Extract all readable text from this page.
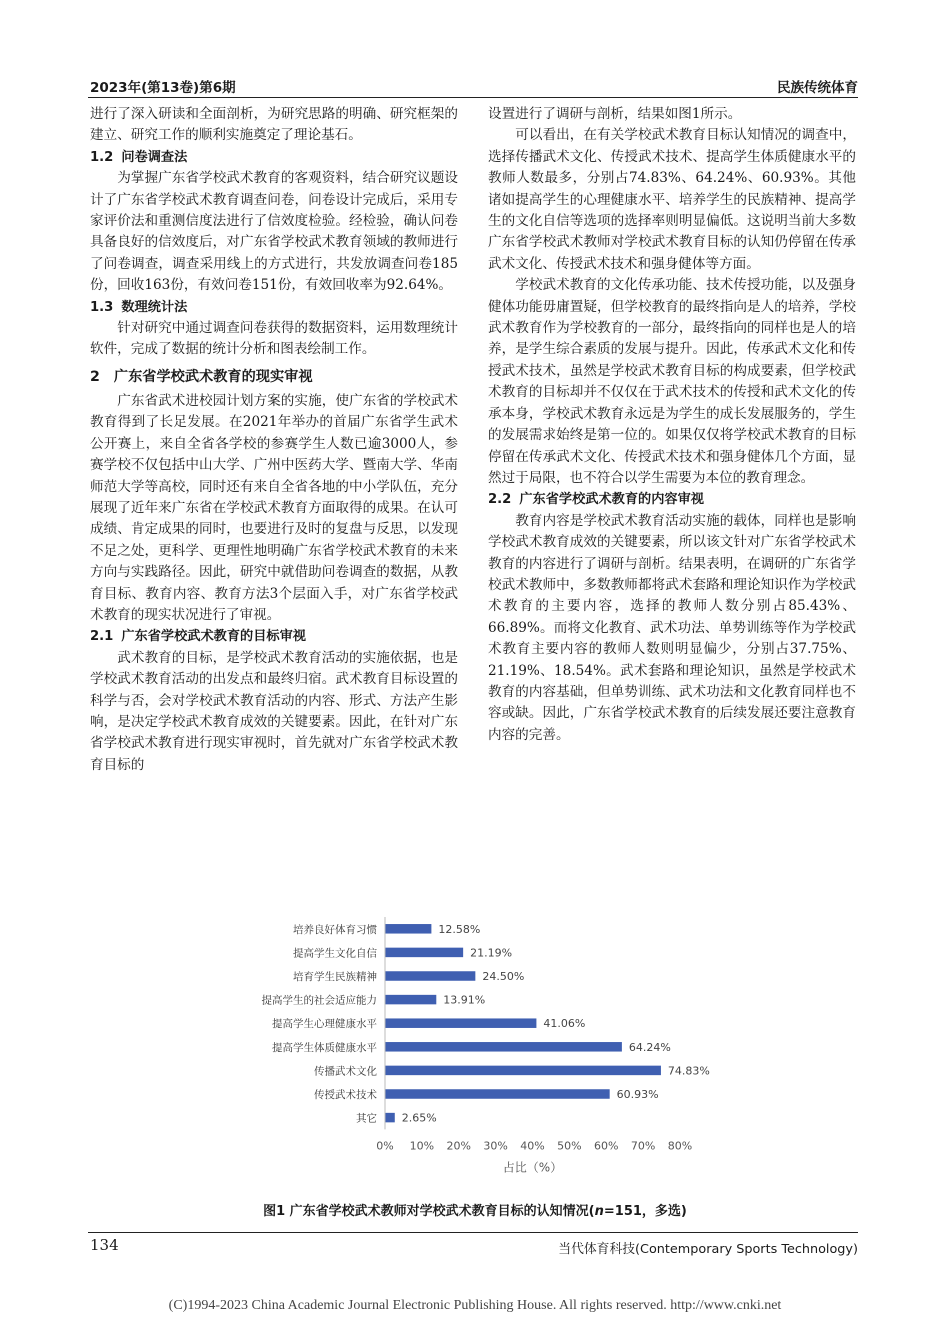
2023年(第13卷)第6期	民族传统体育

进行了深入研读和全面剖析，为研究思路的明确、研究框架的建立、研究工作的顺利实施奠定了理论基石。

1.2 问卷调查法

为掌握广东省学校武术教育的客观资料，结合研究议题设计了广东省学校武术教育调查问卷，问卷设计完成后，采用专家评价法和重测信度法进行了信效度检验。经检验，确认问卷具备良好的信效度后，对广东省学校武术教育领域的教师进行了问卷调查，调查采用线上的方式进行，共发放调查问卷185份，回收163份，有效问卷151份，有效回收率为92.64%。

1.3 数理统计法

针对研究中通过调查问卷获得的数据资料，运用数理统计软件，完成了数据的统计分析和图表绘制工作。

2 广东省学校武术教育的现实审视

广东省武术进校园计划方案的实施，使广东省的学校武术教育得到了长足发展。在2021年举办的首届广东省学生武术公开赛上，来自全省各学校的参赛学生人数已逾3000人，参赛学校不仅包括中山大学、广州中医药大学、暨南大学、华南师范大学等高校，同时还有来自全省各地的中小学队伍，充分展现了近年来广东省在学校武术教育方面取得的成果。在认可成绩、肯定成果的同时，也要进行及时的复盘与反思，以发现不足之处，更科学、更理性地明确广东省学校武术教育的未来方向与实践路径。因此，研究中就借助问卷调查的数据，从教育目标、教育内容、教育方法3个层面入手，对广东省学校武术教育的现实状况进行了审视。

2.1 广东省学校武术教育的目标审视

武术教育的目标，是学校武术教育活动的实施依据，也是学校武术教育活动的出发点和最终归宿。武术教育目标设置的科学与否，会对学校武术教育活动的内容、形式、方法产生影响，是决定学校武术教育成效的关键要素。因此，在针对广东省学校武术教育进行现实审视时，首先就对广东省学校武术教育目标的

设置进行了调研与剖析，结果如图1所示。

可以看出，在有关学校武术教育目标认知情况的调查中，选择传播武术文化、传授武术技术、提高学生体质健康水平的教师人数最多，分别占74.83%、64.24%、60.93%。其他诸如提高学生的心理健康水平、培养学生的民族精神、提高学生的文化自信等选项的选择率则明显偏低。这说明当前大多数广东省学校武术教师对学校武术教育目标的认知仍停留在传承武术文化、传授武术技术和强身健体等方面。

学校武术教育的文化传承功能、技术传授功能，以及强身健体功能毋庸置疑，但学校教育的最终指向是人的培养，学校武术教育作为学校教育的一部分，最终指向的同样也是人的培养，是学生综合素质的发展与提升。因此，传承武术文化和传授武术技术，虽然是学校武术教育目标的构成要素，但学校武术教育的目标却并不仅仅在于武术技术的传授和武术文化的传承本身，学校武术教育永远是为学生的成长发展服务的，学生的发展需求始终是第一位的。如果仅仅将学校武术教育的目标停留在传承武术文化、传授武术技术和强身健体几个方面，显然过于局限，也不符合以学生需要为本位的教育理念。

2.2 广东省学校武术教育的内容审视

教育内容是学校武术教育活动实施的载体，同样也是影响学校武术教育成效的关键要素，所以该文针对广东省学校武术教育的内容进行了调研与剖析。结果表明，在调研的广东省学校武术教师中，多数教师都将武术套路和理论知识作为学校武术教育的主要内容，选择的教师人数分别占85.43%、66.89%。而将文化教育、武术功法、单势训练等作为学校武术教育主要内容的教师人数则明显偏少，分别占37.75%、21.19%、18.54%。武术套路和理论知识，虽然是学校武术教育的内容基础，但单势训练、武术功法和文化教育同样也不容或缺。因此，广东省学校武术教育的后续发展还要注意教育内容的完善。

培养良好体育习惯	12.58%
提高学生文化自信	21.19%
培育学生民族精神	24.50%
提高学生的社会适应能力	13.91%
提高学生心理健康水平	41.06%
提高学生体质健康水平	64.24%
传播武术文化	74.83%
传授武术技术	60.93%
其它 2.65%
0% 10% 20% 30% 40% 50% 60% 70% 80%
占比（%）
图1 广东省学校武术教师对学校武术教育目标的认知情况(n=151，多选)
134	当代体育科技(Contemporary Sports Technology)
(C)1994-2023 China Academic Journal Electronic Publishing House. All rights reserved. http://www.cnki.net
